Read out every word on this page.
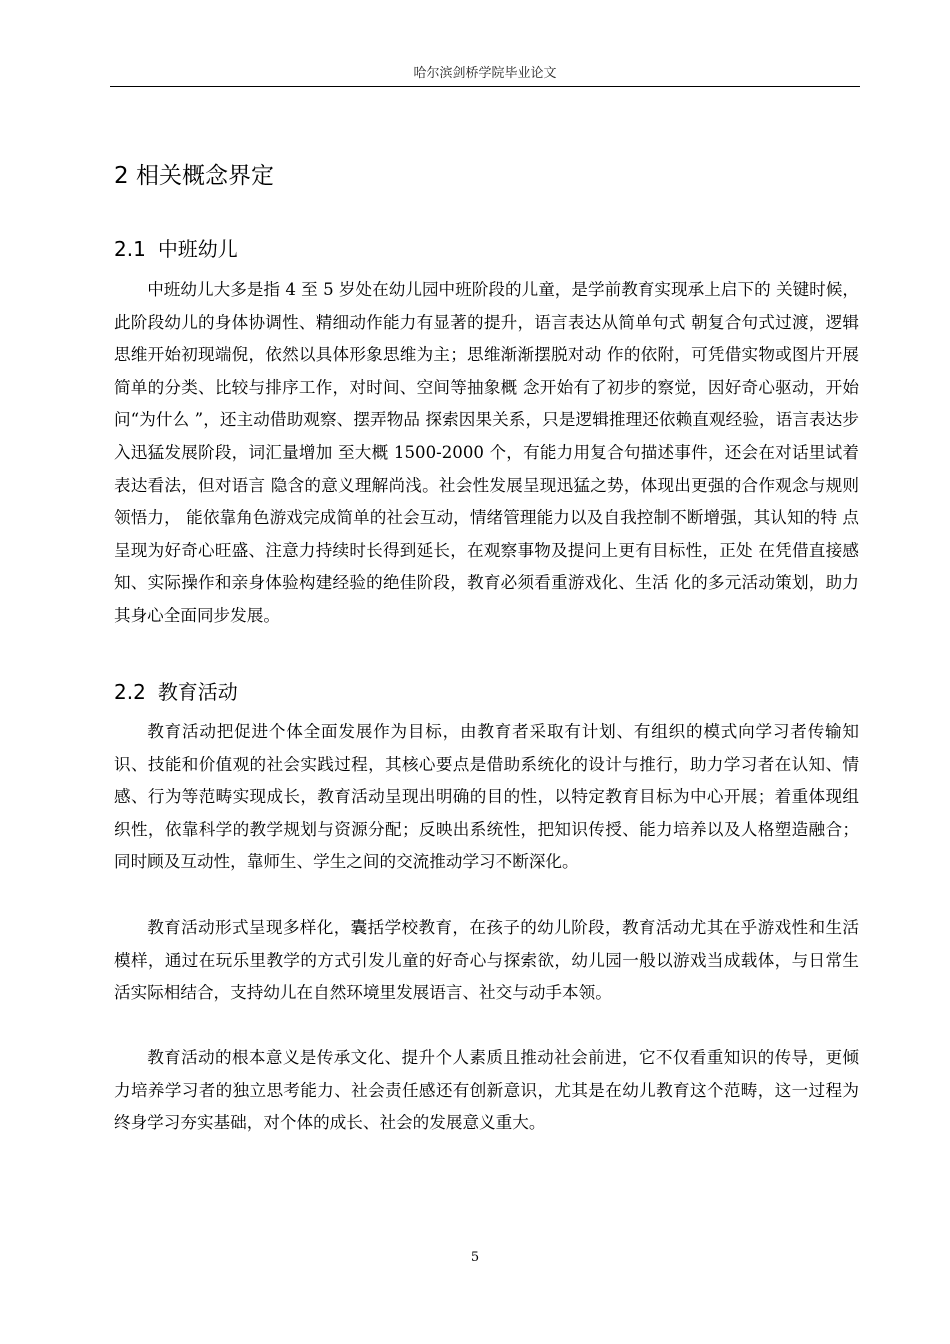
哈尔滨剑桥学院毕业论文
2 相关概念界定
2.1 中班幼儿

中班幼儿大多是指 4 至 5 岁处在幼儿园中班阶段的儿童，是学前教育实现承上启下的 关键时候，此阶段幼儿的身体协调性、精细动作能力有显著的提升，语言表达从简单句式 朝复合句式过渡，逻辑思维开始初现端倪，依然以具体形象思维为主；思维渐渐摆脱对动 作的依附，可凭借实物或图片开展简单的分类、比较与排序工作，对时间、空间等抽象概 念开始有了初步的察觉，因好奇心驱动，开始问“为什么 ”，还主动借助观察、摆弄物品 探索因果关系，只是逻辑推理还依赖直观经验，语言表达步入迅猛发展阶段，词汇量增加 至大概 1500-2000 个，有能力用复合句描述事件，还会在对话里试着表达看法，但对语言 隐含的意义理解尚浅。社会性发展呈现迅猛之势，体现出更强的合作观念与规则领悟力， 能依靠角色游戏完成简单的社会互动，情绪管理能力以及自我控制不断增强，其认知的特 点呈现为好奇心旺盛、注意力持续时长得到延长，在观察事物及提问上更有目标性，正处 在凭借直接感知、实际操作和亲身体验构建经验的绝佳阶段，教育必须看重游戏化、生活 化的多元活动策划，助力其身心全面同步发展。

2.2 教育活动

教育活动把促进个体全面发展作为目标，由教育者采取有计划、有组织的模式向学习者传输知识、技能和价值观的社会实践过程，其核心要点是借助系统化的设计与推行，助力学习者在认知、情感、行为等范畴实现成长，教育活动呈现出明确的目的性，以特定教育目标为中心开展；着重体现组织性，依靠科学的教学规划与资源分配；反映出系统性，把知识传授、能力培养以及人格塑造融合；同时顾及互动性，靠师生、学生之间的交流推动学习不断深化。

教育活动形式呈现多样化，囊括学校教育，在孩子的幼儿阶段，教育活动尤其在乎游戏性和生活模样，通过在玩乐里教学的方式引发儿童的好奇心与探索欲，幼儿园一般以游戏当成载体，与日常生活实际相结合，支持幼儿在自然环境里发展语言、社交与动手本领。

教育活动的根本意义是传承文化、提升个人素质且推动社会前进，它不仅看重知识的传导，更倾力培养学习者的独立思考能力、社会责任感还有创新意识，尤其是在幼儿教育这个范畴，这一过程为终身学习夯实基础，对个体的成长、社会的发展意义重大。

5
